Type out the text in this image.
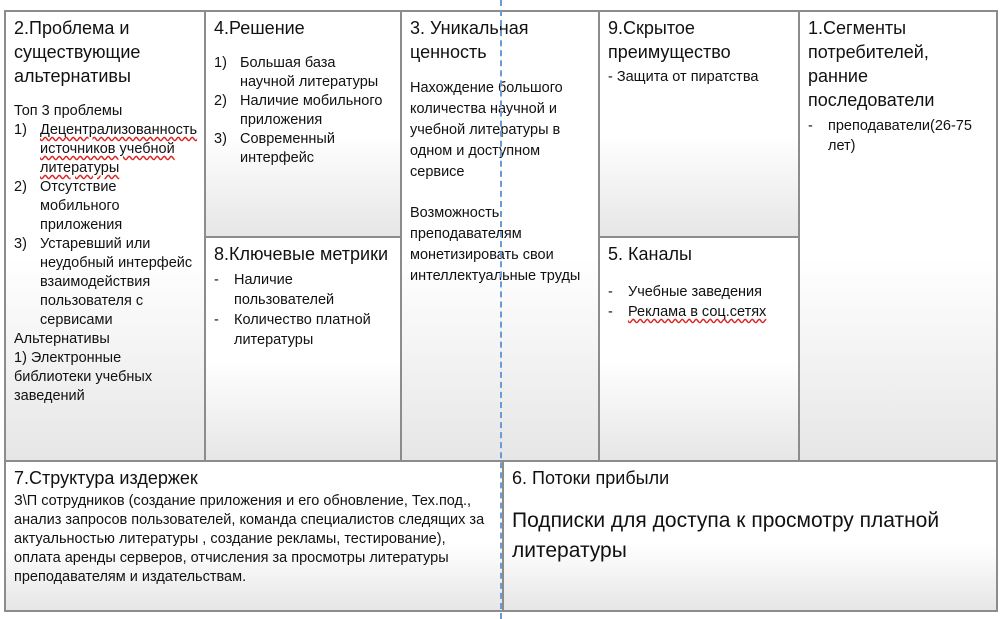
2.Проблема и существующие альтернативы
Топ 3 проблемы
1) Децентрализованность источников учебной литературы
2) Отсутствие мобильного приложения
3) Устаревший или неудобный интерфейс взаимодействия пользователя с сервисами
Альтернативы
1) Электронные библиотеки учебных заведений
4.Решение
1) Большая база научной литературы
2) Наличие мобильного приложения
3) Современный интерфейс
8.Ключевые метрики
-	Наличие пользователей
-	Количество платной литературы
3. Уникальная ценность
Нахождение большого количества научной и учебной литературы в одном и доступном сервисе
Возможность преподавателям монетизировать свои интеллектуальные труды
9.Скрытое преимущество
- Защита от пиратства
5. Каналы
-	Учебные заведения
-	Реклама в соц.сетях
1.Сегменты потребителей, ранние последователи
-	преподаватели(26-75 лет)
7.Структура издержек
З\П сотрудников (создание приложения и его обновление, Тех.под., анализ запросов пользователей, команда специалистов следящих за актуальностью литературы , создание рекламы, тестирование), оплата аренды серверов, отчисления за просмотры литературы преподавателям и издательствам.
6. Потоки прибыли
Подписки для доступа к просмотру платной литературы
